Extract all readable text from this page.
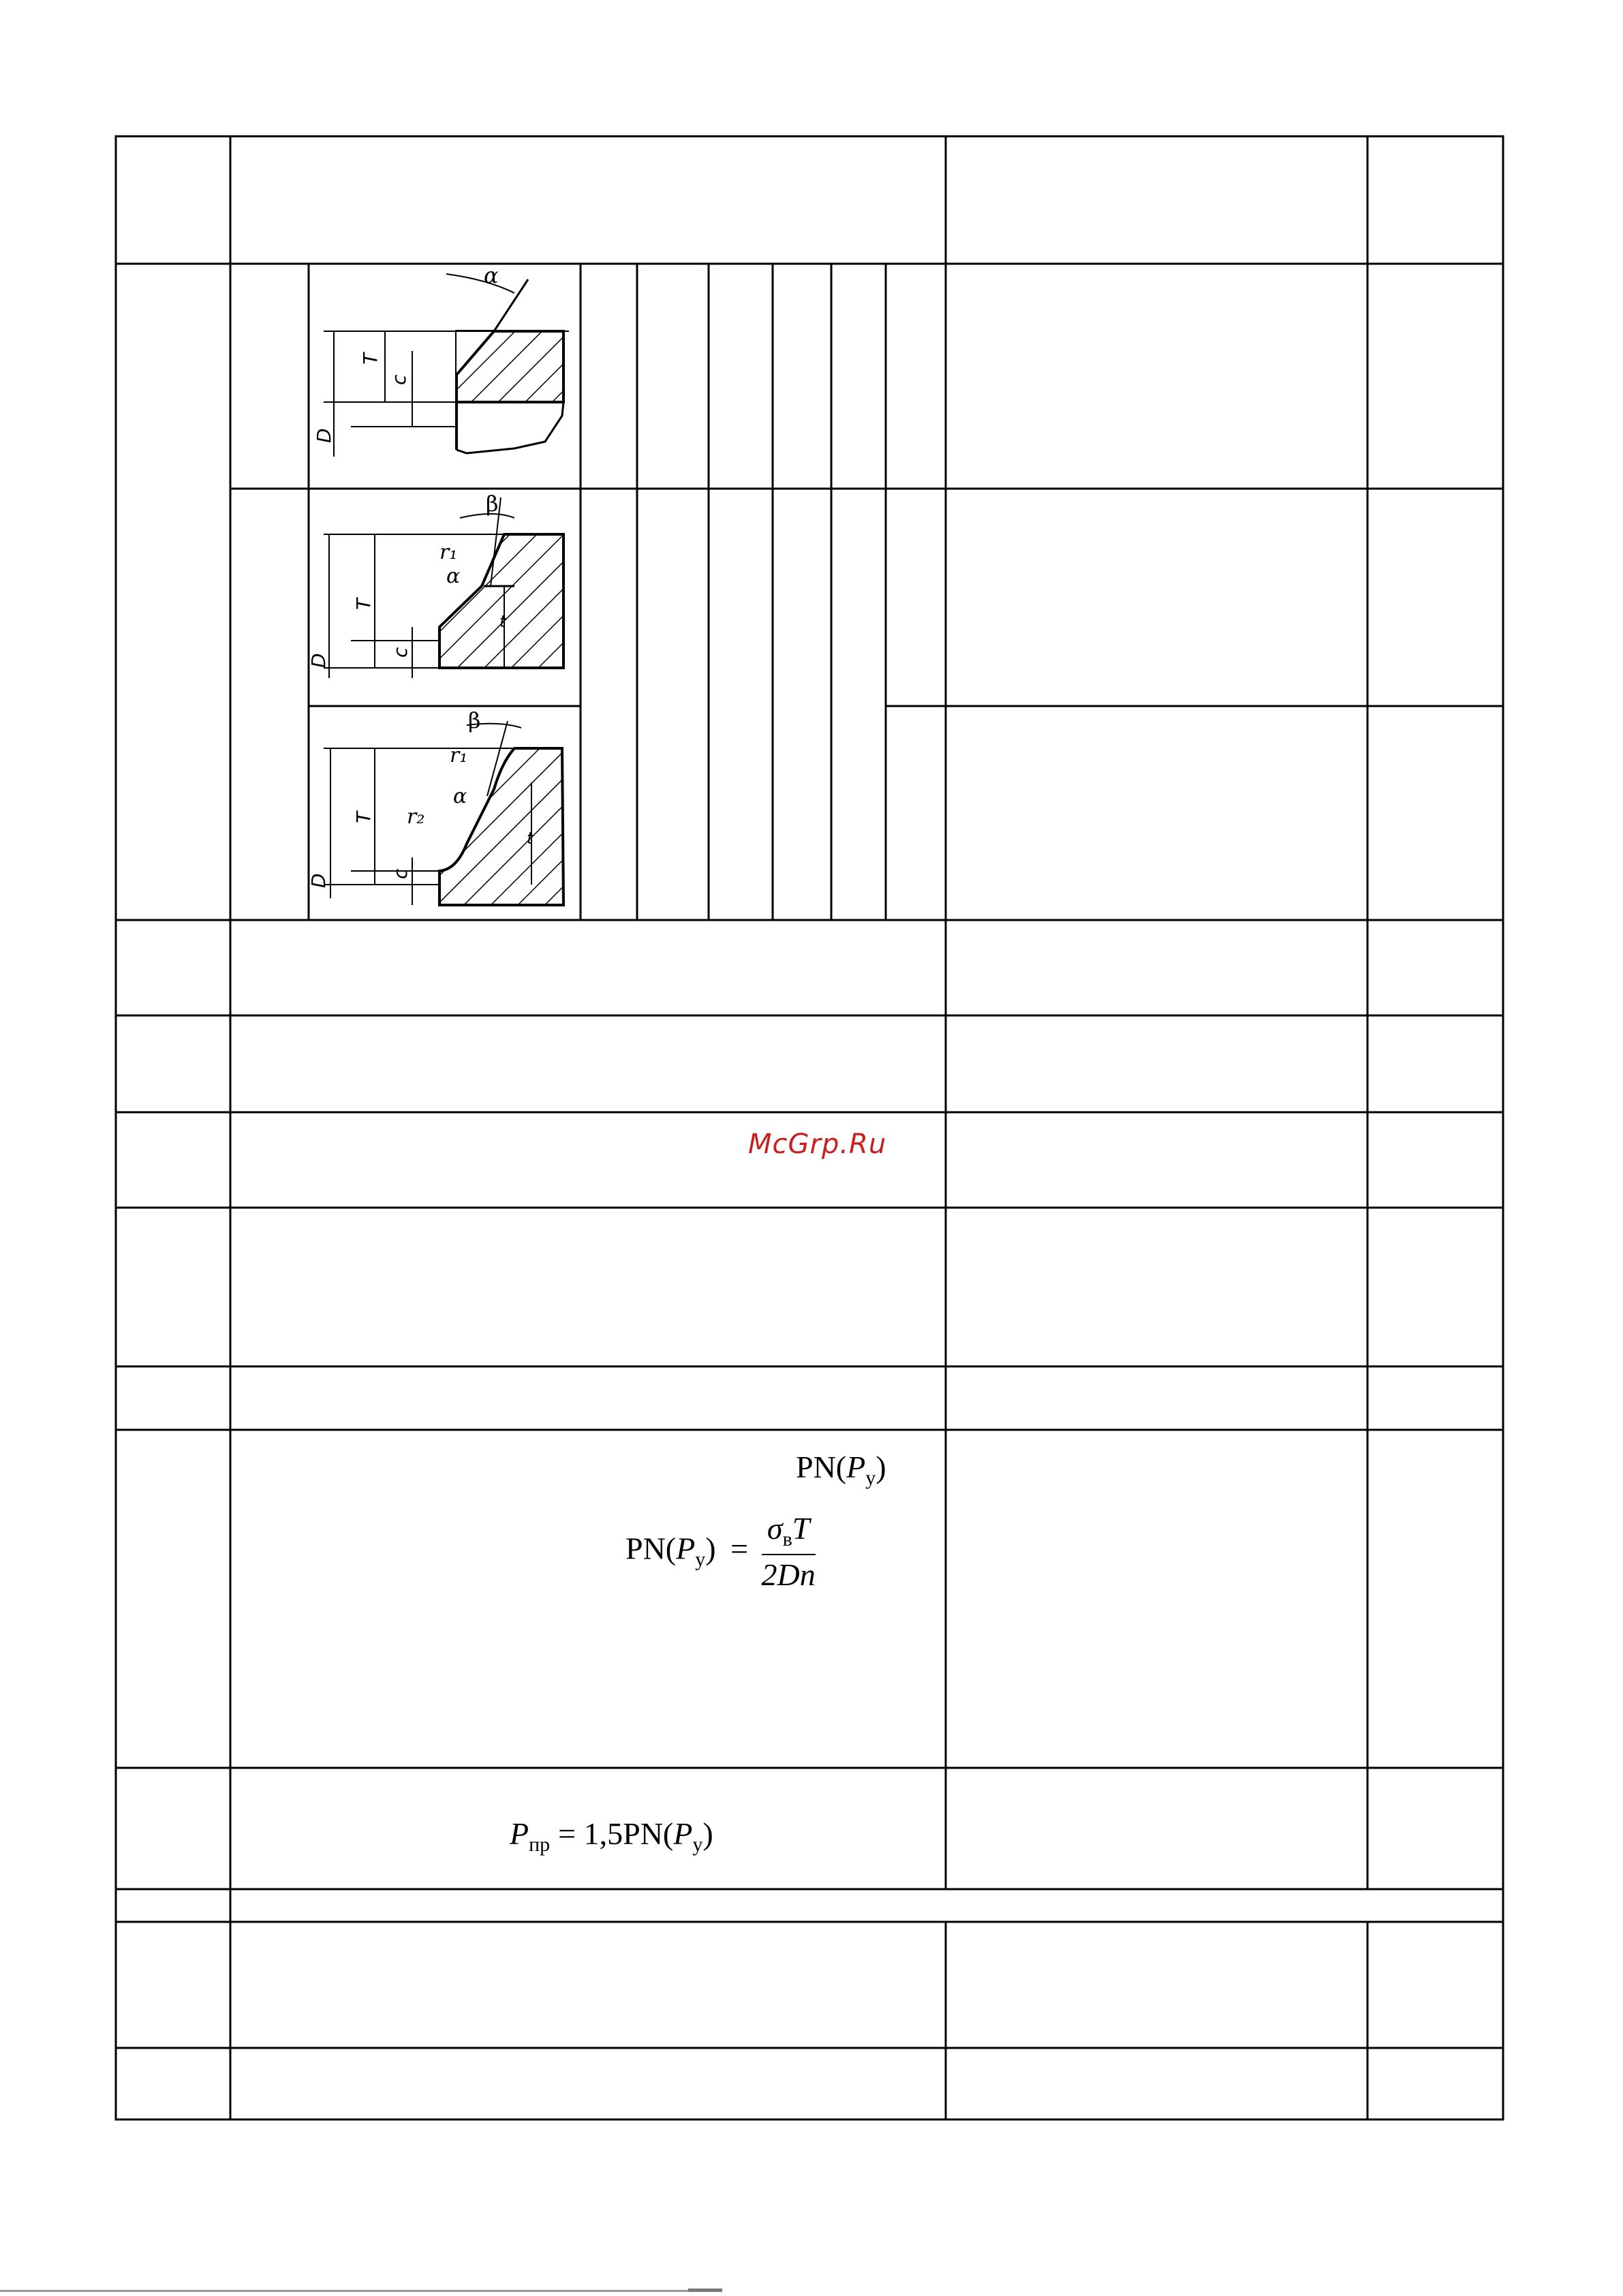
α
T
c
D
β
r₁
α
t
T
c
D
β
r₁
α
r₂
t
T
c
D
McGrp.Ru
$PN(P_y)$
$PN(P_y) = \frac{\sigma_вT}{2Dn}$
$P_{пр} = 1,5PN(P_y)$
